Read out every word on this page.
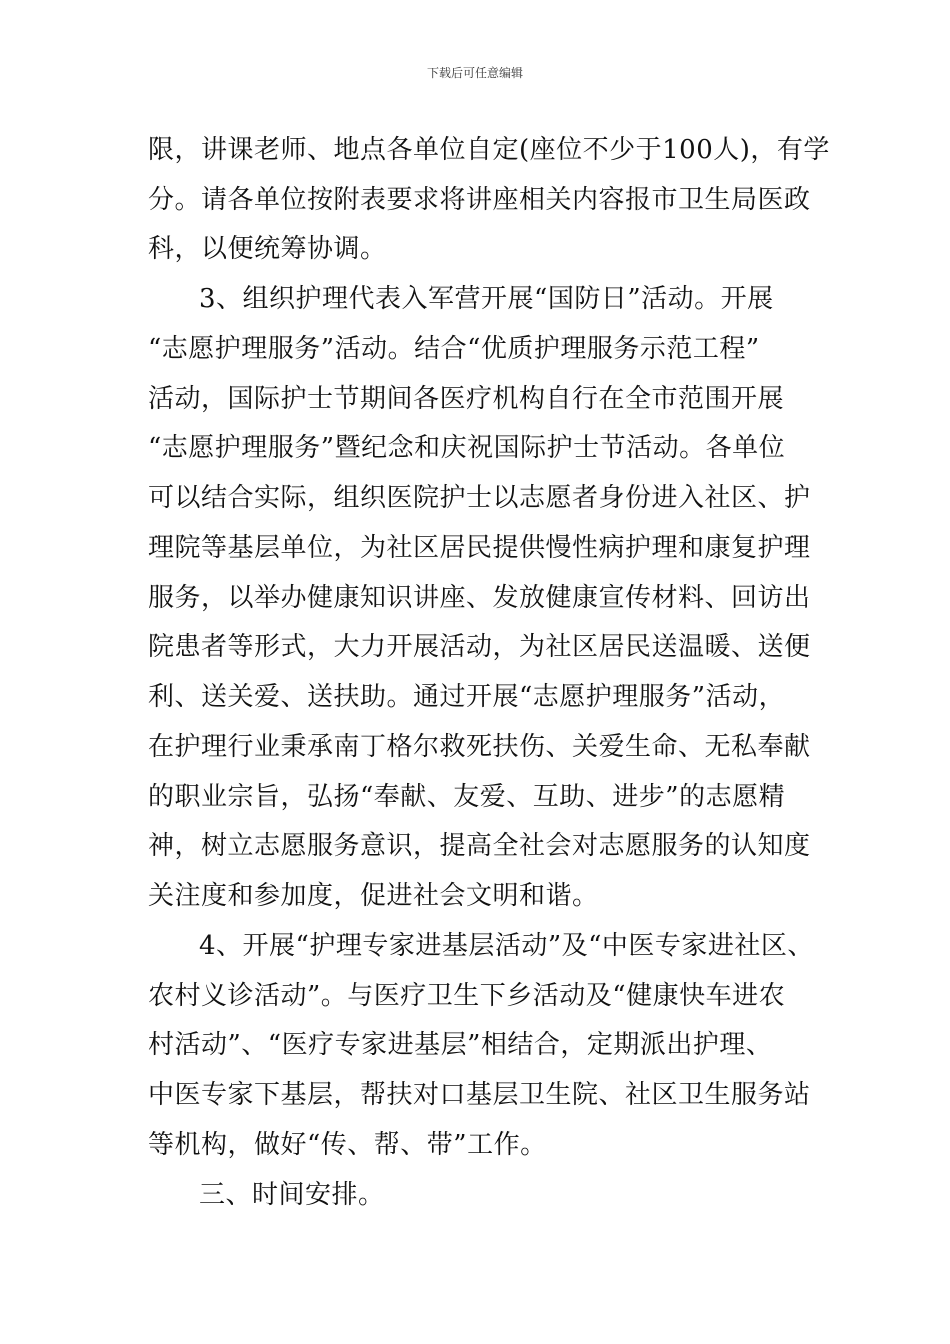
下载后可任意编辑
限，讲课老师、地点各单位自定(座位不少于100人)，有学
分。请各单位按附表要求将讲座相关内容报市卫生局医政
科，以便统筹协调。
3、组织护理代表入军营开展“国防日”活动。开展
“志愿护理服务”活动。结合“优质护理服务示范工程”
活动，国际护士节期间各医疗机构自行在全市范围开展
“志愿护理服务”暨纪念和庆祝国际护士节活动。各单位
可以结合实际，组织医院护士以志愿者身份进入社区、护
理院等基层单位，为社区居民提供慢性病护理和康复护理
服务，以举办健康知识讲座、发放健康宣传材料、回访出
院患者等形式，大力开展活动，为社区居民送温暖、送便
利、送关爱、送扶助。通过开展“志愿护理服务”活动，
在护理行业秉承南丁格尔救死扶伤、关爱生命、无私奉献
的职业宗旨，弘扬“奉献、友爱、互助、进步”的志愿精
神，树立志愿服务意识，提高全社会对志愿服务的认知度
关注度和参加度，促进社会文明和谐。
4、开展“护理专家进基层活动”及“中医专家进社区、
农村义诊活动”。与医疗卫生下乡活动及“健康快车进农
村活动”、“医疗专家进基层”相结合，定期派出护理、
中医专家下基层，帮扶对口基层卫生院、社区卫生服务站
等机构，做好“传、帮、带”工作。
三、时间安排。
